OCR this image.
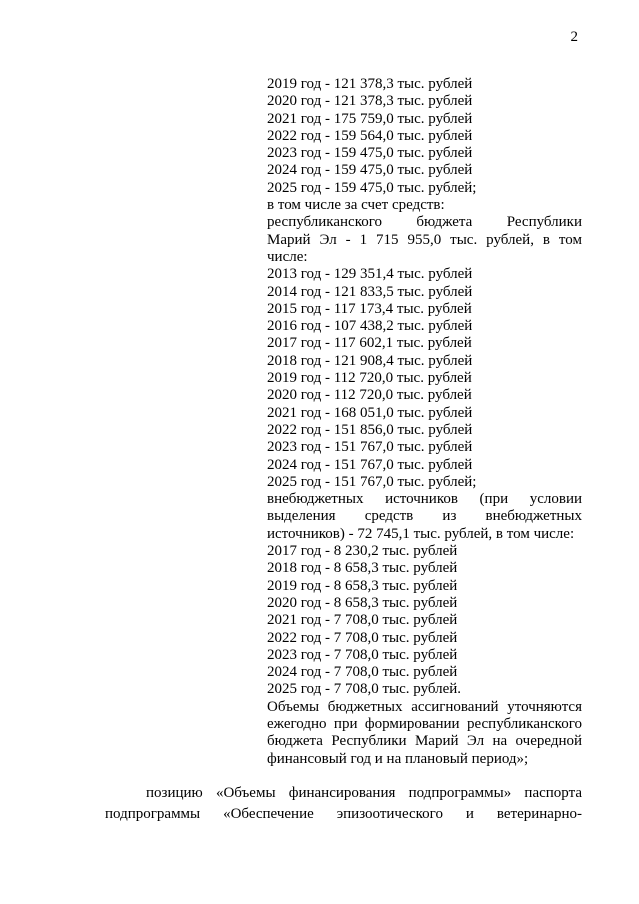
2
2019 год - 121 378,3 тыс. рублей
2020 год - 121 378,3 тыс. рублей
2021 год - 175 759,0 тыс. рублей
2022 год - 159 564,0 тыс. рублей
2023 год - 159 475,0 тыс. рублей
2024 год - 159 475,0 тыс. рублей
2025 год - 159 475,0 тыс. рублей;
в том числе за счет средств:
республиканского бюджета Республики
Марий Эл - 1 715 955,0 тыс. рублей, в том
числе:
2013 год - 129 351,4 тыс. рублей
2014 год - 121 833,5 тыс. рублей
2015 год - 117 173,4 тыс. рублей
2016 год - 107 438,2 тыс. рублей
2017 год - 117 602,1 тыс. рублей
2018 год - 121 908,4 тыс. рублей
2019 год - 112 720,0 тыс. рублей
2020 год - 112 720,0 тыс. рублей
2021 год - 168 051,0 тыс. рублей
2022 год - 151 856,0 тыс. рублей
2023 год - 151 767,0 тыс. рублей
2024 год - 151 767,0 тыс. рублей
2025 год - 151 767,0 тыс. рублей;
внебюджетных источников (при условии
выделения средств из внебюджетных
источников) - 72 745,1 тыс. рублей, в том числе:
2017 год - 8 230,2 тыс. рублей
2018 год - 8 658,3 тыс. рублей
2019 год - 8 658,3 тыс. рублей
2020 год - 8 658,3 тыс. рублей
2021 год - 7 708,0 тыс. рублей
2022 год - 7 708,0 тыс. рублей
2023 год - 7 708,0 тыс. рублей
2024 год - 7 708,0 тыс. рублей
2025 год - 7 708,0 тыс. рублей.
Объемы бюджетных ассигнований уточняются
ежегодно при формировании республиканского
бюджета Республики Марий Эл на очередной
финансовый год и на плановый период»;
позицию «Объемы финансирования подпрограммы» паспорта
подпрограммы «Обеспечение эпизоотического и ветеринарно-
